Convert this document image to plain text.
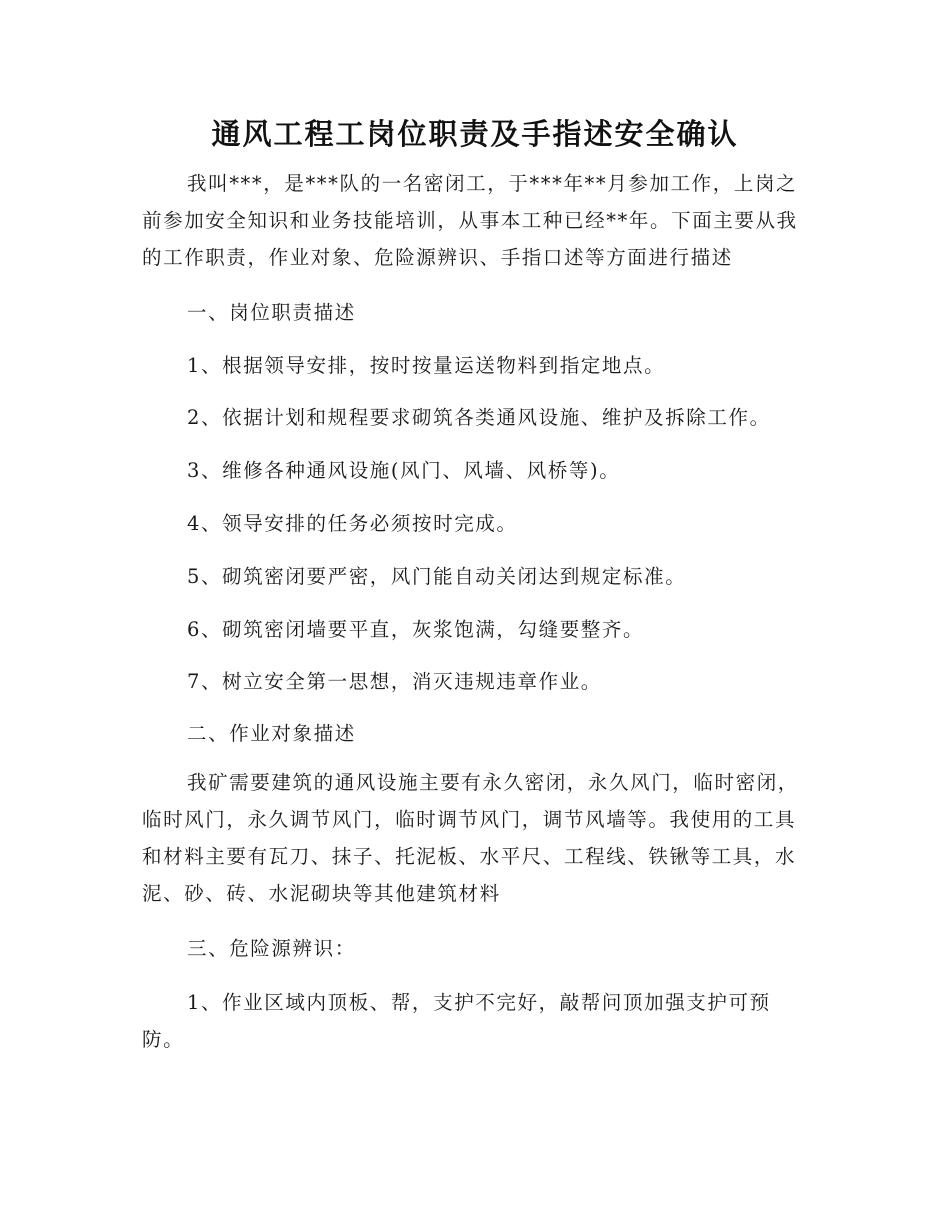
通风工程工岗位职责及手指述安全确认

我叫***，是***队的一名密闭工，于***年**月参加工作，上岗之前参加安全知识和业务技能培训，从事本工种已经**年。下面主要从我的工作职责，作业对象、危险源辨识、手指口述等方面进行描述

一、岗位职责描述

1、根据领导安排，按时按量运送物料到指定地点。

2、依据计划和规程要求砌筑各类通风设施、维护及拆除工作。

3、维修各种通风设施(风门、风墙、风桥等)。

4、领导安排的任务必须按时完成。

5、砌筑密闭要严密，风门能自动关闭达到规定标准。

6、砌筑密闭墙要平直，灰浆饱满，勾缝要整齐。

7、树立安全第一思想，消灭违规违章作业。

二、作业对象描述

我矿需要建筑的通风设施主要有永久密闭，永久风门，临时密闭，临时风门，永久调节风门，临时调节风门，调节风墙等。我使用的工具和材料主要有瓦刀、抹子、托泥板、水平尺、工程线、铁锹等工具，水泥、砂、砖、水泥砌块等其他建筑材料

三、危险源辨识：

1、作业区域内顶板、帮，支护不完好，敲帮问顶加强支护可预防。
